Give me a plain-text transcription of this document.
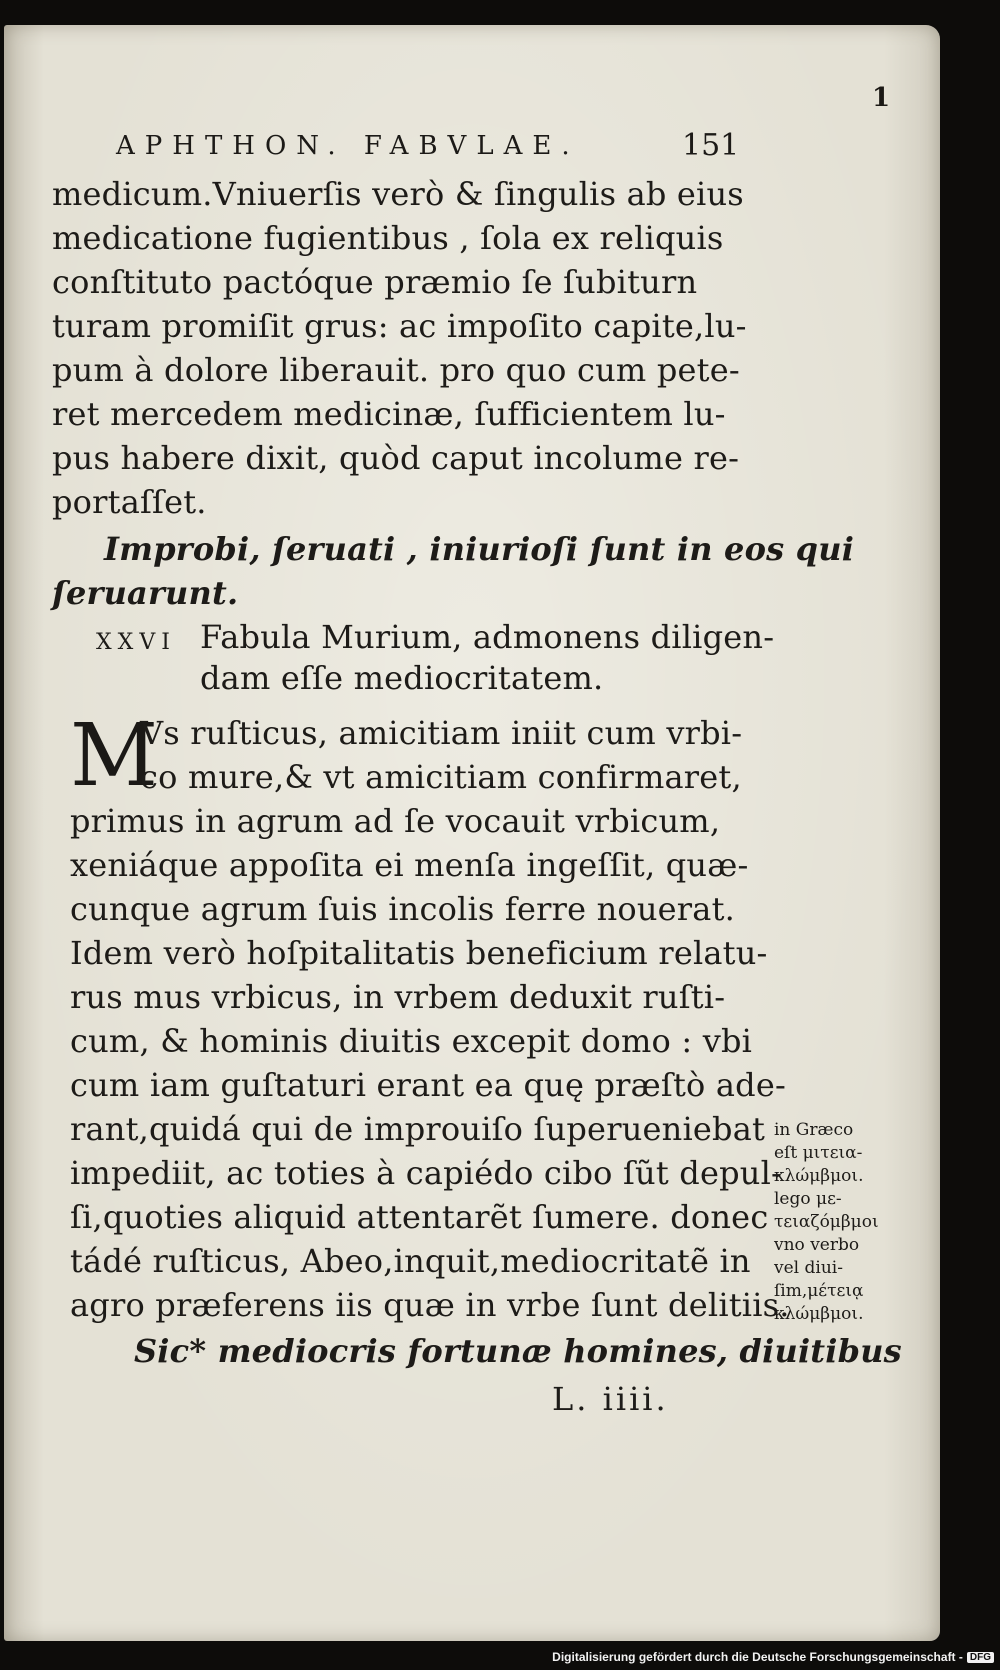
1
APHTHON. FABVLAE.	151
medicum.Vniuerſis verò & ſingulis ab eius
medicatione fugientibus , ſola ex reliquis
conſtituto pactóque præmio ſe ſubiturn
turam promiſit grus: ac impoſito capite,lu-
pum à dolore liberauit. pro quo cum pete-
ret mercedem medicinæ, ſufficientem lu-
pus habere dixit, quòd caput incolume re-
portaſſet.
Improbi, ſeruati , iniurioſi ſunt in eos qui
ſeruarunt.
XXVI Fabula Murium, admonens diligen-
dam eſſe mediocritatem.
M
Vs ruſticus, amicitiam iniit cum vrbi-
co mure,& vt amicitiam confirmaret,
primus in agrum ad ſe vocauit vrbicum,
xeniáque appoſita ei menſa ingeſſit, quæ-
cunque agrum ſuis incolis ferre nouerat.
Idem verò hoſpitalitatis beneficium relatu-
rus mus vrbicus, in vrbem deduxit ruſti-
cum, & hominis diuitis excepit domo : vbi
cum iam guſtaturi erant ea quę præſtò ade-
rant,quidá qui de improuiſo ſuperueniebat
impediit, ac toties à capiédo cibo ſũt depul-
ſi,quoties aliquid attentarẽt ſumere. donec
tádé ruſticus, Abeo,inquit,mediocritatẽ in
agro præferens iis quæ in vrbe ſunt delitiis.
Sic* mediocris fortunæ homines, diuitibus
L. iiii.
in Græco
eſt μιτεια-
κλώμβμοι.
lego με-
τειαζόμβμοι
vno verbo
vel diui-
ſim,μέτειᾳ
κλώμβμοι.
Digitalisierung gefördert durch die Deutsche Forschungsgemeinschaft - DFG
